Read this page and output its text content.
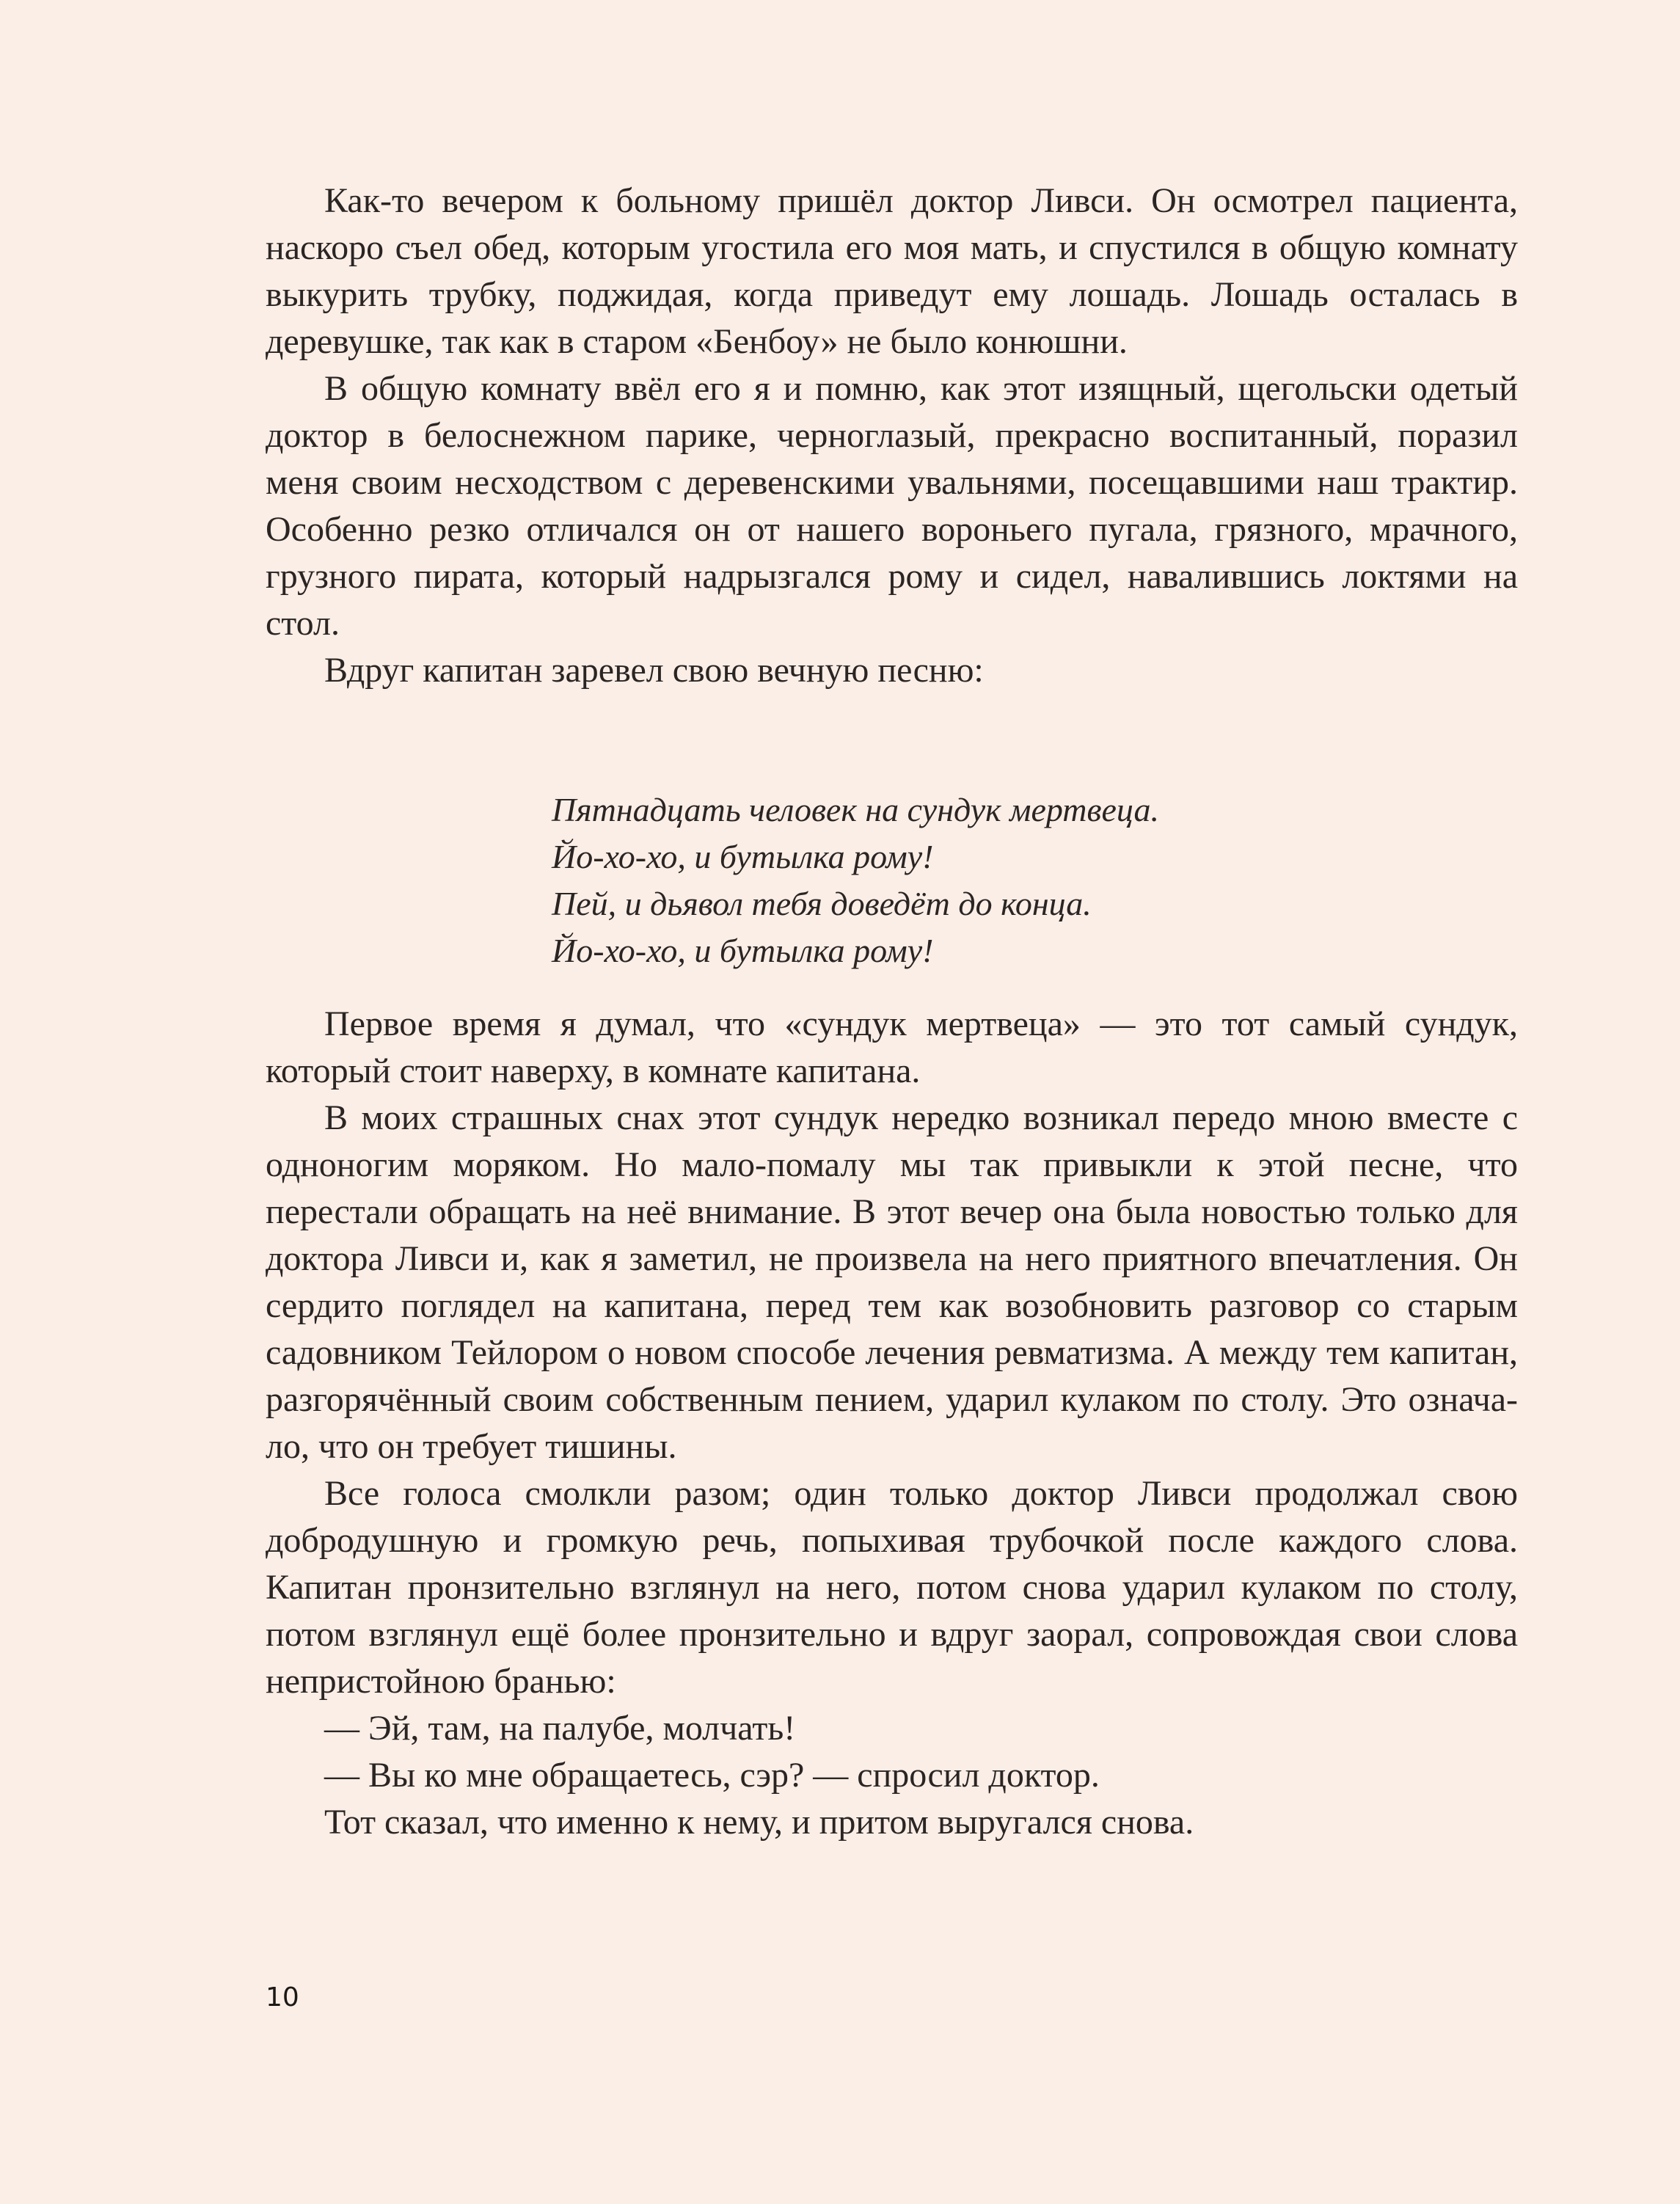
Как-то вечером к больному пришёл доктор Ливси. Он осмотрел пациента, наскоро съел обед, которым угостила его моя мать, и спустился в общую комнату выкурить трубку, поджидая, когда приведут ему лошадь. Лошадь осталась в деревушке, так как в старом «Бенбоу» не было конюшни.

В общую комнату ввёл его я и помню, как этот изящный, щегольски одетый доктор в белоснежном парике, черноглазый, прекрасно воспитанный, поразил меня своим несходством с деревенскими увальнями, посещавшими наш трактир. Особенно резко отличался он от нашего вороньего пугала, грязного, мрачного, грузного пирата, который надрызгался рому и сидел, навалившись локтями на стол.

Вдруг капитан заревел свою вечную песню:

Пятнадцать человек на сундук мертвеца.
Йо-хо-хо, и бутылка рому!
Пей, и дьявол тебя доведёт до конца.
Йо-хо-хо, и бутылка рому!

Первое время я думал, что «сундук мертвеца» — это тот самый сундук, который стоит наверху, в комнате капитана.

В моих страшных снах этот сундук нередко возникал передо мною вместе с одноногим моряком. Но мало-помалу мы так привыкли к этой песне, что перестали обращать на неё внимание. В этот вечер она была новостью только для доктора Ливси и, как я заметил, не произвела на него приятного впечатления. Он сердито поглядел на капитана, перед тем как возобновить разговор со старым садовником Тейлором о новом способе лечения ревматизма. А между тем капитан, разгорячённый своим собственным пением, ударил кулаком по столу. Это означало, что он требует тишины.

Все голоса смолкли разом; один только доктор Ливси продолжал свою добродушную и громкую речь, попыхивая трубочкой после каждого слова. Капитан пронзительно взглянул на него, потом снова ударил кулаком по столу, потом взглянул ещё более пронзительно и вдруг заорал, сопровождая свои слова непристойною бранью:

— Эй, там, на палубе, молчать!

— Вы ко мне обращаетесь, сэр? — спросил доктор.

Тот сказал, что именно к нему, и притом выругался снова.

10
